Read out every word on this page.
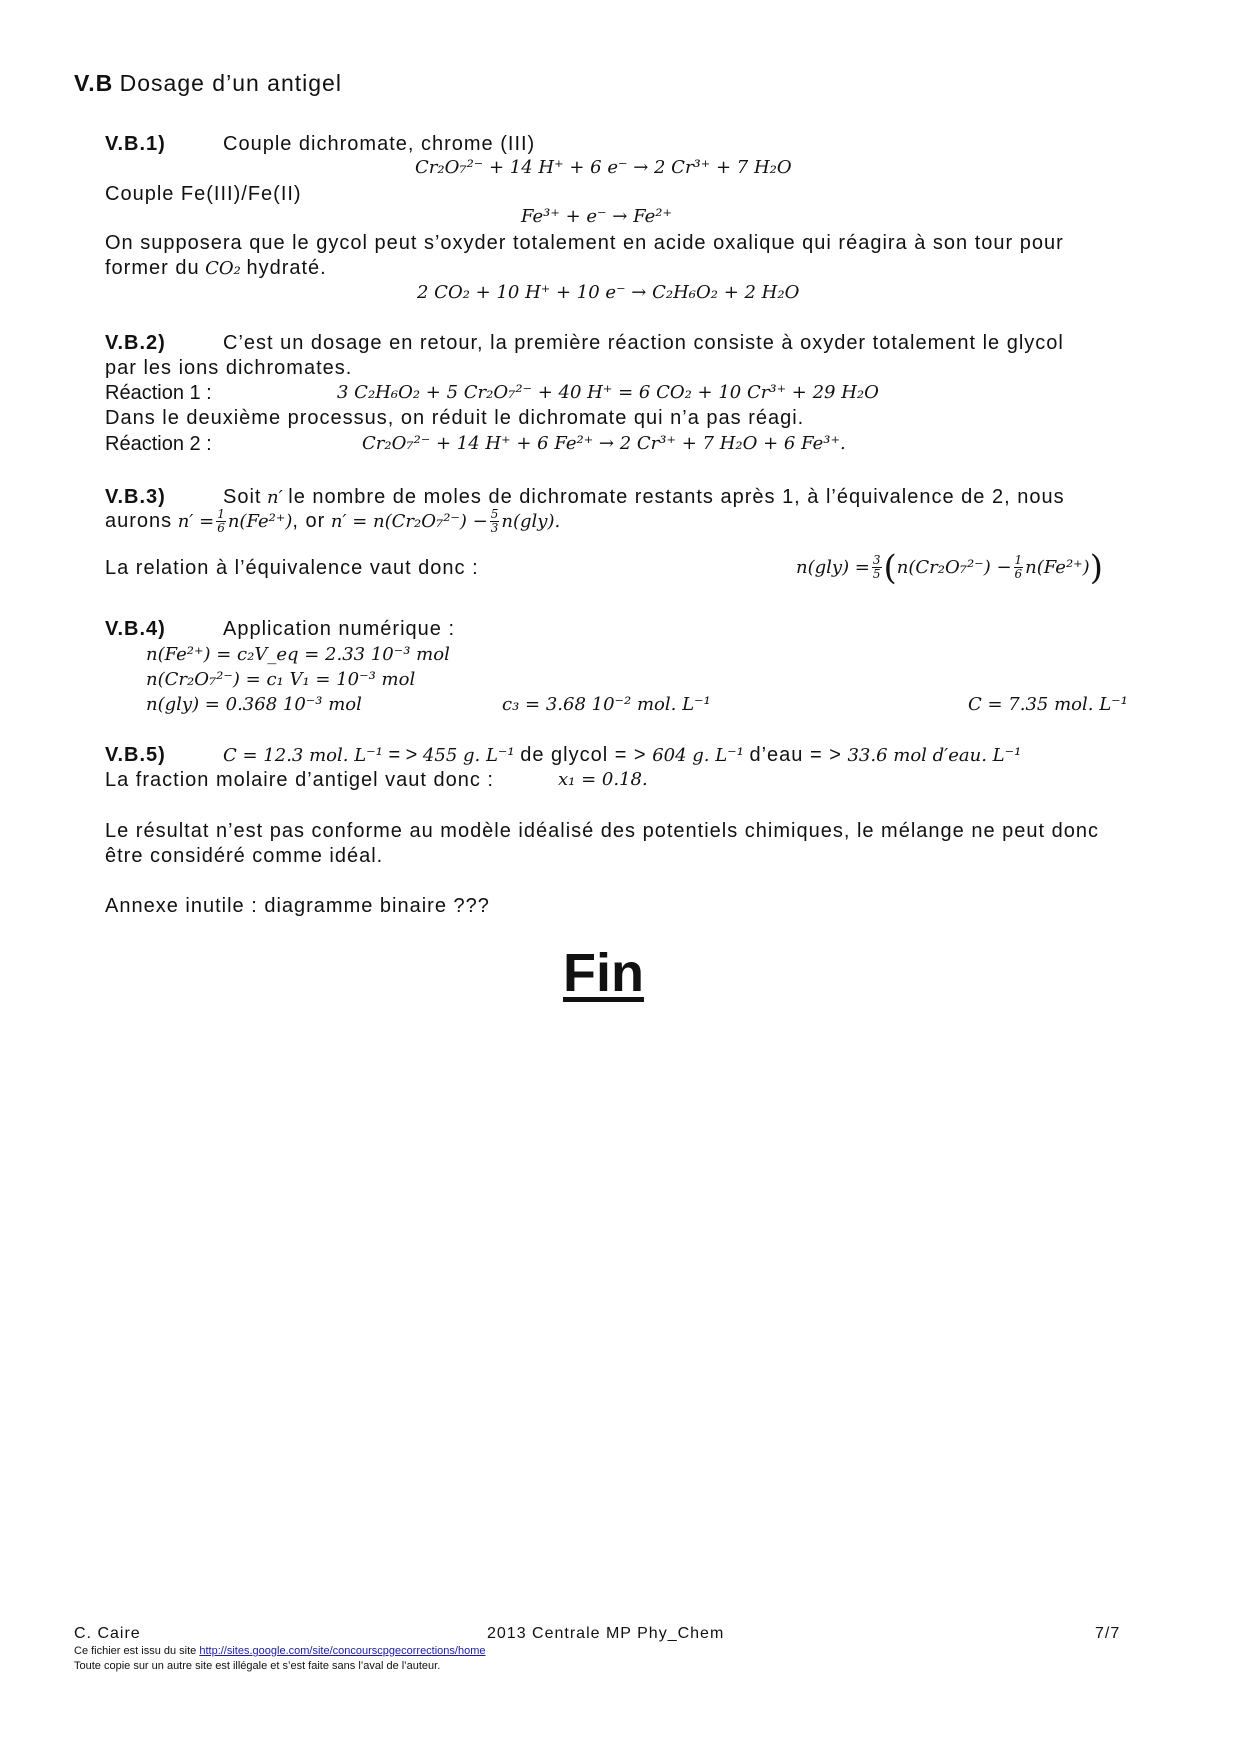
V.B Dosage d’un antigel
V.B.1)	Couple dichromate, chrome (III)
Cr₂O₇²⁻ + 14 H⁺ + 6 e⁻ → 2 Cr³⁺ + 7 H₂O
Couple Fe(III)/Fe(II)
Fe³⁺ + e⁻ → Fe²⁺
On supposera que le gycol peut s’oxyder totalement en acide oxalique qui réagira à son tour pour
former du CO₂ hydraté.
2 CO₂ + 10 H⁺ + 10 e⁻ → C₂H₆O₂ + 2 H₂O
V.B.2)	C’est un dosage en retour, la première réaction consiste à oxyder totalement le glycol
par les ions dichromates.
Réaction 1 :	3 C₂H₆O₂ + 5 Cr₂O₇²⁻ + 40 H⁺ = 6 CO₂ + 10 Cr³⁺ + 29 H₂O
Dans le deuxième processus, on réduit le dichromate qui n’a pas réagi.
Réaction 2 :	Cr₂O₇²⁻ + 14 H⁺ + 6 Fe²⁺ → 2 Cr³⁺ + 7 H₂O + 6 Fe³⁺.
V.B.3)	Soit n′ le nombre de moles de dichromate restants après 1, à l’équivalence de 2, nous
aurons $n' = \frac{1}{6} n(Fe^{2+})$, or $n' = n(Cr_2O_7^{2-}) - \frac{5}{3} n(gly)$.
La relation à l’équivalence vaut donc :	$n(gly) = \frac{3}{5} (n(Cr_2O_7^{2-}) - \frac{1}{6} n(Fe^{2+}))$
V.B.4)	Application numérique :
n(Fe²⁺) = c₂V_eq = 2.33 10⁻³ mol
n(Cr₂O₇²⁻) = c₁ V₁ = 10⁻³ mol
n(gly) = 0.368 10⁻³ mol	c₃ = 3.68 10⁻² mol. L⁻¹	C = 7.35 mol. L⁻¹
V.B.5)	C = 12.3 mol. L⁻¹ = > 455 g. L⁻¹ de glycol = > 604 g. L⁻¹ d’eau = > 33.6 mol d′eau. L⁻¹
La fraction molaire d’antigel vaut donc :	x₁ = 0.18.
Le résultat n’est pas conforme au modèle idéalisé des potentiels chimiques, le mélange ne peut donc
être considéré comme idéal.
Annexe inutile : diagramme binaire ???
Fin
C. Caire	2013 Centrale MP Phy_Chem	7/7
Ce fichier est issu du site http://sites.google.com/site/concourscpgecorrections/home
Toute copie sur un autre site est illégale et s’est faite sans l’aval de l’auteur.
